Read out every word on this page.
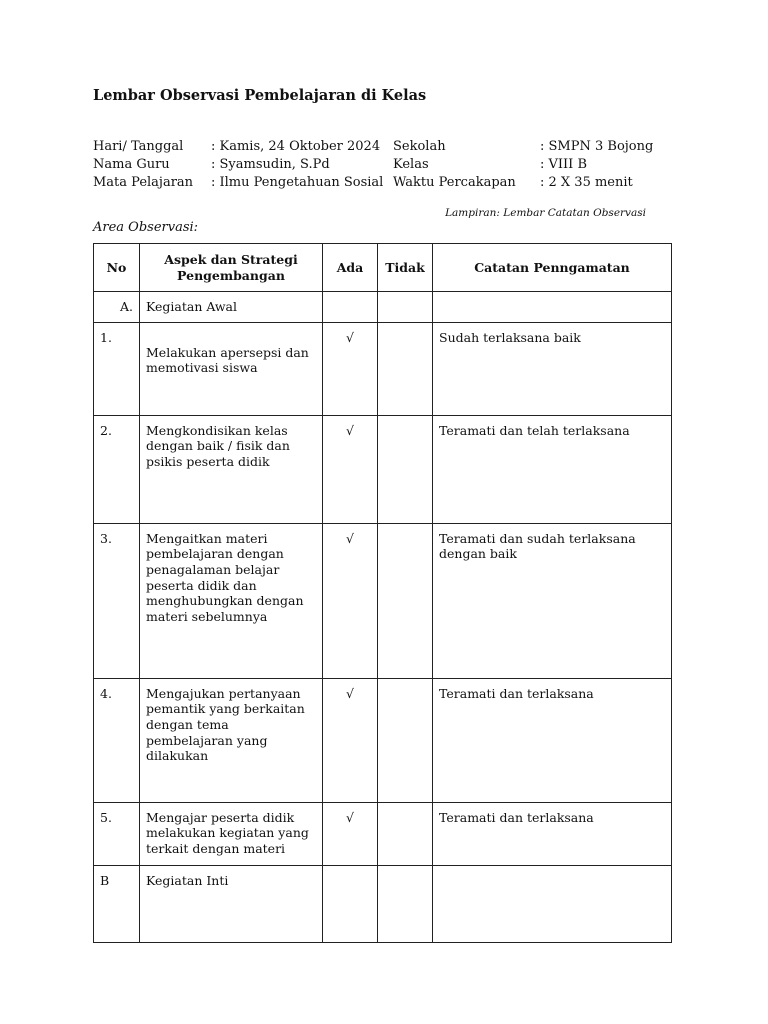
Lembar Observasi Pembelajaran di Kelas
Hari/ Tanggal : Kamis, 24 Oktober 2024
Nama Guru	: Syamsudin, S.Pd
Mata Pelajaran : Ilmu Pengetahuan Sosial
Sekolah	: SMPN 3 Bojong
Kelas	: VIII B
Waktu Percakapan : 2 X 35 menit
Lampiran: Lembar Catatan Observasi
Area Observasi:
No	Aspek dan Strategi Pengembangan	Ada	Tidak	Catatan Penngamatan
A.	Kegiatan Awal			
1.	Melakukan apersepsi dan memotivasi siswa	√		Sudah terlaksana baik
2.	Mengkondisikan kelas dengan baik / fisik dan psikis peserta didik	√		Teramati dan telah terlaksana
3.	Mengaitkan materi pembelajaran dengan penagalaman belajar peserta didik dan menghubungkan dengan materi sebelumnya	√		Teramati dan sudah terlaksana dengan baik
4.	Mengajukan pertanyaan pemantik yang berkaitan dengan tema pembelajaran yang dilakukan	√		Teramati dan terlaksana
5.	Mengajar peserta didik melakukan kegiatan yang terkait dengan materi	√		Teramati dan terlaksana
B	Kegiatan Inti			
